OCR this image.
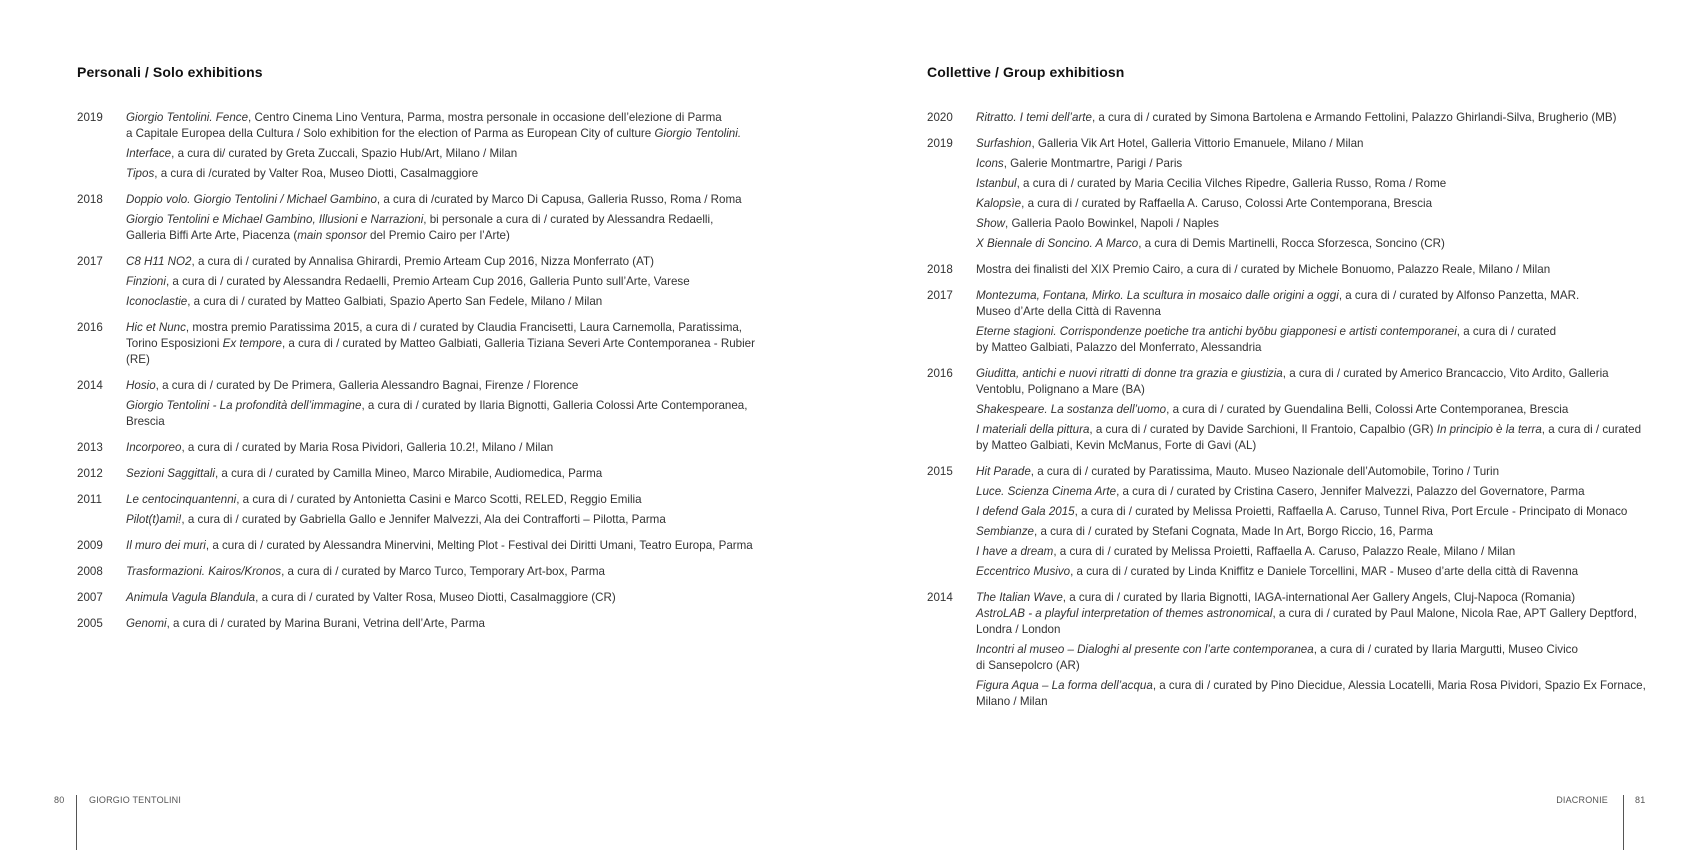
Personali / Solo exhibitions
2019	Giorgio Tentolini. Fence, Centro Cinema Lino Ventura, Parma, mostra personale in occasione dell’elezione di Parma
a Capitale Europea della Cultura / Solo exhibition for the election of Parma as European City of culture Giorgio Tentolini.
Interface, a cura di/ curated by Greta Zuccali, Spazio Hub/Art, Milano / Milan
Tipos, a cura di /curated by Valter Roa, Museo Diotti, Casalmaggiore
2018	Doppio volo. Giorgio Tentolini / Michael Gambino, a cura di /curated by Marco Di Capusa, Galleria Russo, Roma / Roma
Giorgio Tentolini e Michael Gambino, Illusioni e Narrazioni, bi personale a cura di / curated by Alessandra Redaelli,
Galleria Biffi Arte Arte, Piacenza (main sponsor del Premio Cairo per l’Arte)
2017	C8 H11 NO2, a cura di / curated by Annalisa Ghirardi, Premio Arteam Cup 2016, Nizza Monferrato (AT)
Finzioni, a cura di / curated by Alessandra Redaelli, Premio Arteam Cup 2016, Galleria Punto sull’Arte, Varese
Iconoclastie, a cura di / curated by Matteo Galbiati, Spazio Aperto San Fedele, Milano / Milan
2016	Hic et Nunc, mostra premio Paratissima 2015, a cura di / curated by Claudia Francisetti, Laura Carnemolla, Paratissima,
Torino Esposizioni Ex tempore, a cura di / curated by Matteo Galbiati, Galleria Tiziana Severi Arte Contemporanea - Rubier (RE)
2014	Hosio, a cura di / curated by De Primera, Galleria Alessandro Bagnai, Firenze / Florence
Giorgio Tentolini - La profondità dell’immagine, a cura di / curated by Ilaria Bignotti, Galleria Colossi Arte Contemporanea,
Brescia
2013	Incorporeo, a cura di / curated by Maria Rosa Pividori, Galleria 10.2!, Milano / Milan
2012	Sezioni Saggittali, a cura di / curated by Camilla Mineo, Marco Mirabile, Audiomedica, Parma
2011	Le centocinquantenni, a cura di / curated by Antonietta Casini e Marco Scotti, RELED, Reggio Emilia
Pilot(t)ami!, a cura di / curated by Gabriella Gallo e Jennifer Malvezzi, Ala dei Contrafforti – Pilotta, Parma
2009	Il muro dei muri, a cura di / curated by Alessandra Minervini, Melting Plot - Festival dei Diritti Umani, Teatro Europa, Parma
2008	Trasformazioni. Kairos/Kronos, a cura di / curated by Marco Turco, Temporary Art-box, Parma
2007	Animula Vagula Blandula, a cura di / curated by Valter Rosa, Museo Diotti, Casalmaggiore (CR)
2005	Genomi, a cura di / curated by Marina Burani, Vetrina dell’Arte, Parma
Collettive / Group exhibitiosn
2020	Ritratto. I temi dell’arte, a cura di / curated by Simona Bartolena e Armando Fettolini, Palazzo Ghirlandi-Silva, Brugherio (MB)
2019	Surfashion, Galleria Vik Art Hotel, Galleria Vittorio Emanuele, Milano / Milan
Icons, Galerie Montmartre, Parigi / Paris
Istanbul, a cura di / curated by Maria Cecilia Vilches Ripedre, Galleria Russo, Roma / Rome
Kalopsìe, a cura di / curated by Raffaella A. Caruso, Colossi Arte Contemporana, Brescia
Show, Galleria Paolo Bowinkel, Napoli / Naples
X Biennale di Soncino. A Marco, a cura di Demis Martinelli, Rocca Sforzesca, Soncino (CR)
2018	Mostra dei finalisti del XIX Premio Cairo, a cura di / curated by Michele Bonuomo, Palazzo Reale, Milano / Milan
2017	Montezuma, Fontana, Mirko. La scultura in mosaico dalle origini a oggi, a cura di / curated by Alfonso Panzetta, MAR.
Museo d’Arte della Città di Ravenna
Eterne stagioni. Corrispondenze poetiche tra antichi byōbu giapponesi e artisti contemporanei, a cura di / curated
by Matteo Galbiati, Palazzo del Monferrato, Alessandria
2016	Giuditta, antichi e nuovi ritratti di donne tra grazia e giustizia, a cura di / curated by Americo Brancaccio, Vito Ardito, Galleria
Ventoblu, Polignano a Mare (BA)
Shakespeare. La sostanza dell’uomo, a cura di / curated by Guendalina Belli, Colossi Arte Contemporanea, Brescia
I materiali della pittura, a cura di / curated by Davide Sarchioni, Il Frantoio, Capalbio (GR) In principio è la terra, a cura di / curated
by Matteo Galbiati, Kevin McManus, Forte di Gavi (AL)
2015	Hit Parade, a cura di / curated by Paratissima, Mauto. Museo Nazionale dell’Automobile, Torino / Turin
Luce. Scienza Cinema Arte, a cura di / curated by Cristina Casero, Jennifer Malvezzi, Palazzo del Governatore, Parma
I defend Gala 2015, a cura di / curated by Melissa Proietti, Raffaella A. Caruso, Tunnel Riva, Port Ercule - Principato di Monaco
Sembianze, a cura di / curated by Stefani Cognata, Made In Art, Borgo Riccio, 16, Parma
I have a dream, a cura di / curated by Melissa Proietti, Raffaella A. Caruso, Palazzo Reale, Milano / Milan
Eccentrico Musivo, a cura di / curated by Linda Kniffitz e Daniele Torcellini, MAR - Museo d’arte della città di Ravenna
2014	The Italian Wave, a cura di / curated by Ilaria Bignotti, IAGA-international Aer Gallery Angels, Cluj-Napoca (Romania)
AstroLAB - a playful interpretation of themes astronomical, a cura di / curated by Paul Malone, Nicola Rae, APT Gallery Deptford,
Londra / London
Incontri al museo – Dialoghi al presente con l’arte contemporanea, a cura di / curated by Ilaria Margutti, Museo Civico
di Sansepolcro (AR)
Figura Aqua – La forma dell’acqua, a cura di / curated by Pino Diecidue, Alessia Locatelli, Maria Rosa Pividori, Spazio Ex Fornace,
Milano / Milan
80	GIORGIO TENTOLINI	DIACRONIE	81
